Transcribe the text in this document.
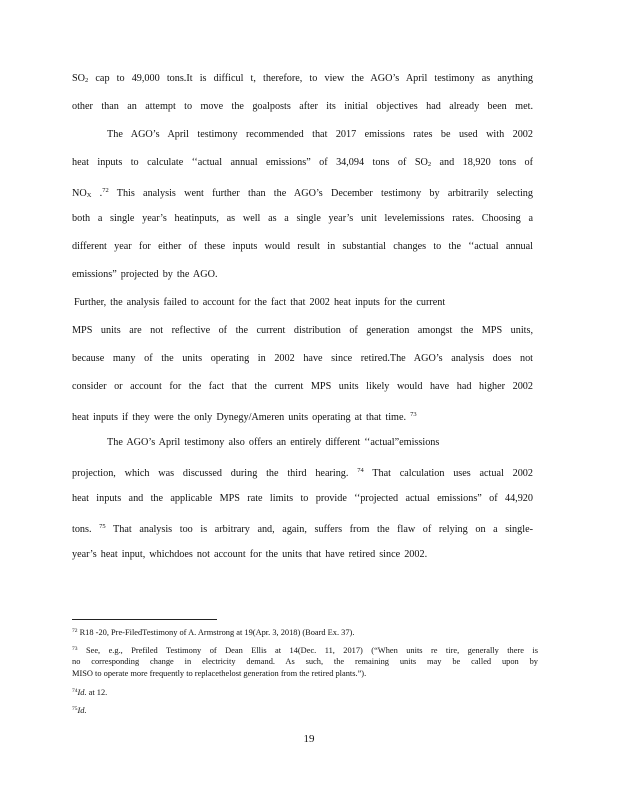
$SO_2$ cap to 49,000 tons.It is difficul t, therefore, to view the AGO’s April testimony as anything
other than an attempt to move the goalposts after its initial objectives had already been met.
The AGO’s April testimony recommended that 2017 emissions rates be used with 2002
heat inputs to calculate ‘‘actual annual emissions” of 34,094 tons of $SO_2$ and 18,920 tons of
$NO_X$ .$^{72}$ This analysis went further than the AGO’s December testimony by arbitrarily selecting
both a single year’s heatinputs, as well as a single year’s unit levelemissions rates. Choosing a
different year for either of these inputs would result in substantial changes to the ‘‘actual annual
emissions” projected by the AGO.
Further, the analysis failed to account for the fact that 2002 heat inputs for the current
MPS units are not reflective of the current distribution of generation amongst the MPS units,
because many of the units operating in 2002 have since retired.The AGO’s analysis does not
consider or account for the fact that the current MPS units likely would have had higher 2002
heat inputs if they were the only Dynegy/Ameren units operating at that time. $^{73}$
The AGO’s April testimony also offers an entirely different ‘‘actual”emissions
projection, which was discussed during the third hearing. $^{74}$ That calculation uses actual 2002
heat inputs and the applicable MPS rate limits to provide ‘‘projected actual emissions” of 44,920
tons. $^{75}$ That analysis too is arbitrary and, again, suffers from the flaw of relying on a single-
year’s heat input, whichdoes not account for the units that have retired since 2002.
$^{72}$ R18 -20, Pre-FiledTestimony of A. Armstrong at 19(Apr. 3, 2018) (Board Ex. 37).
$^{73}$ See, e.g., Prefiled Testimony of Dean Ellis at 14(Dec. 11, 2017) (“When units re tire, generally there is
no corresponding change in electricity demand. As such, the remaining units may be called upon by
MISO to operate more frequently to replacethelost generation from the retired plants.”).
$^{74}$Id. at 12.
$^{75}$Id.
19
